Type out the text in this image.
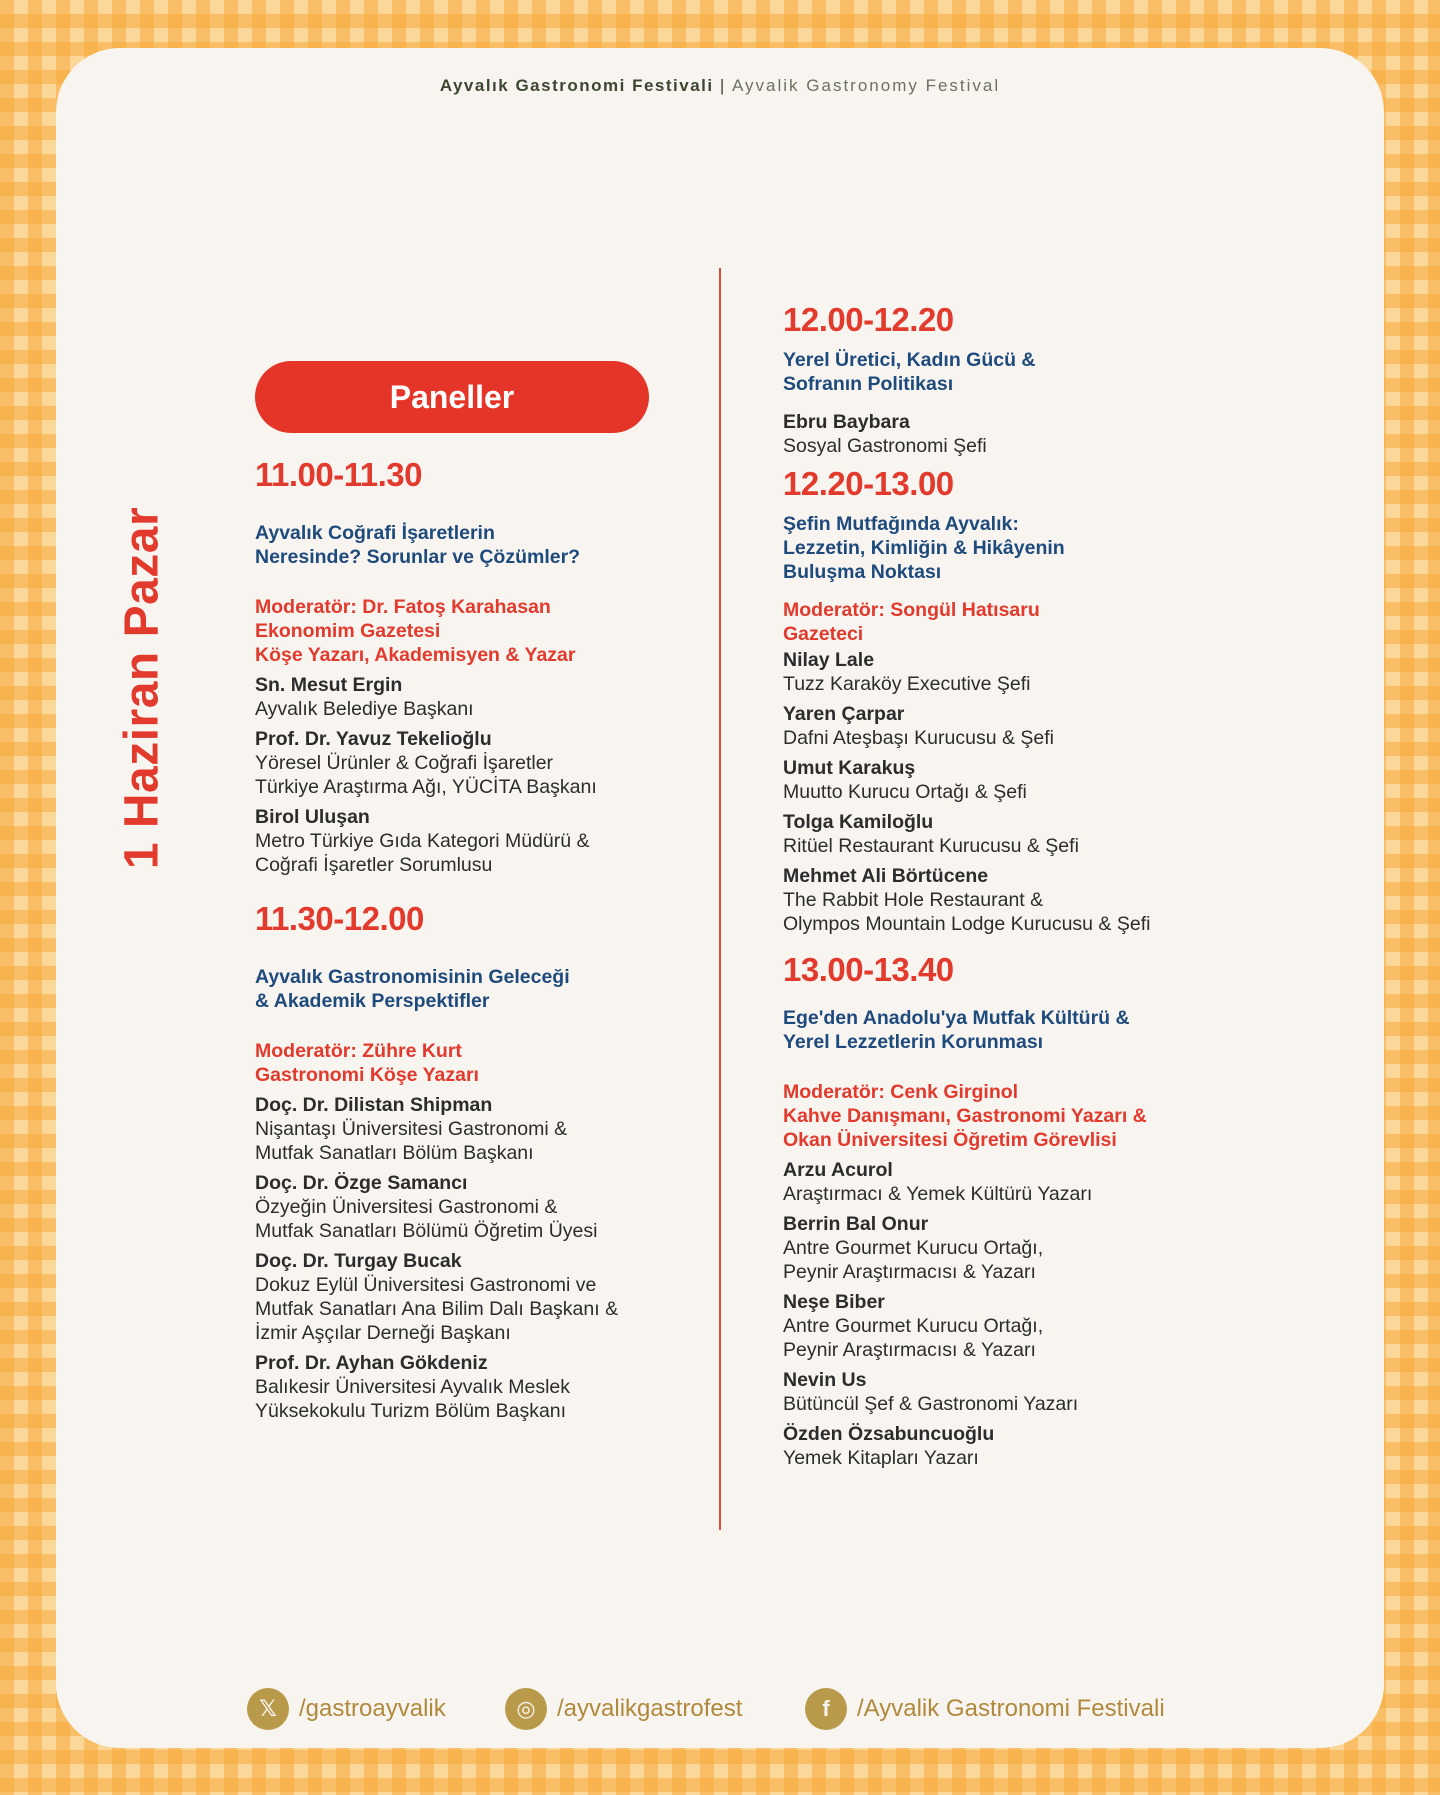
Ayvalık Gastronomi Festivali | Ayvalik Gastronomy Festival
1 Haziran Pazar
Paneller
11.00-11.30
Ayvalık Coğrafi İşaretlerin
Neresinde? Sorunlar ve Çözümler?
Moderatör: Dr. Fatoş Karahasan
Ekonomim Gazetesi
Köşe Yazarı, Akademisyen & Yazar
Sn. Mesut Ergin
Ayvalık Belediye Başkanı
Prof. Dr. Yavuz Tekelioğlu
Yöresel Ürünler & Coğrafi İşaretler
Türkiye Araştırma Ağı, YÜCİTA Başkanı
Birol Uluşan
Metro Türkiye Gıda Kategori Müdürü &
Coğrafi İşaretler Sorumlusu
11.30-12.00
Ayvalık Gastronomisinin Geleceği
& Akademik Perspektifler
Moderatör: Zühre Kurt
Gastronomi Köşe Yazarı
Doç. Dr. Dilistan Shipman
Nişantaşı Üniversitesi Gastronomi &
Mutfak Sanatları Bölüm Başkanı
Doç. Dr. Özge Samancı
Özyeğin Üniversitesi Gastronomi &
Mutfak Sanatları Bölümü Öğretim Üyesi
Doç. Dr. Turgay Bucak
Dokuz Eylül Üniversitesi Gastronomi ve
Mutfak Sanatları Ana Bilim Dalı Başkanı &
İzmir Aşçılar Derneği Başkanı
Prof. Dr. Ayhan Gökdeniz
Balıkesir Üniversitesi Ayvalık Meslek
Yüksekokulu Turizm Bölüm Başkanı
12.00-12.20
Yerel Üretici, Kadın Gücü &
Sofranın Politikası
Ebru Baybara
Sosyal Gastronomi Şefi
12.20-13.00
Şefin Mutfağında Ayvalık:
Lezzetin, Kimliğin & Hikâyenin
Buluşma Noktası
Moderatör: Songül Hatısaru
Gazeteci
Nilay Lale
Tuzz Karaköy Executive Şefi
Yaren Çarpar
Dafni Ateşbaşı Kurucusu & Şefi
Umut Karakuş
Muutto Kurucu Ortağı & Şefi
Tolga Kamiloğlu
Ritüel Restaurant Kurucusu & Şefi
Mehmet Ali Börtücene
The Rabbit Hole Restaurant &
Olympos Mountain Lodge Kurucusu & Şefi
13.00-13.40
Ege'den Anadolu'ya Mutfak Kültürü &
Yerel Lezzetlerin Korunması
Moderatör: Cenk Girginol
Kahve Danışmanı, Gastronomi Yazarı &
Okan Üniversitesi Öğretim Görevlisi
Arzu Acurol
Araştırmacı & Yemek Kültürü Yazarı
Berrin Bal Onur
Antre Gourmet Kurucu Ortağı,
Peynir Araştırmacısı & Yazarı
Neşe Biber
Antre Gourmet Kurucu Ortağı,
Peynir Araştırmacısı & Yazarı
Nevin Us
Bütüncül Şef & Gastronomi Yazarı
Özden Özsabuncuoğlu
Yemek Kitapları Yazarı
𝕏 /gastroayvalik	◎ /ayvalikgastrofest	f	/Ayvalik Gastronomi Festivali
